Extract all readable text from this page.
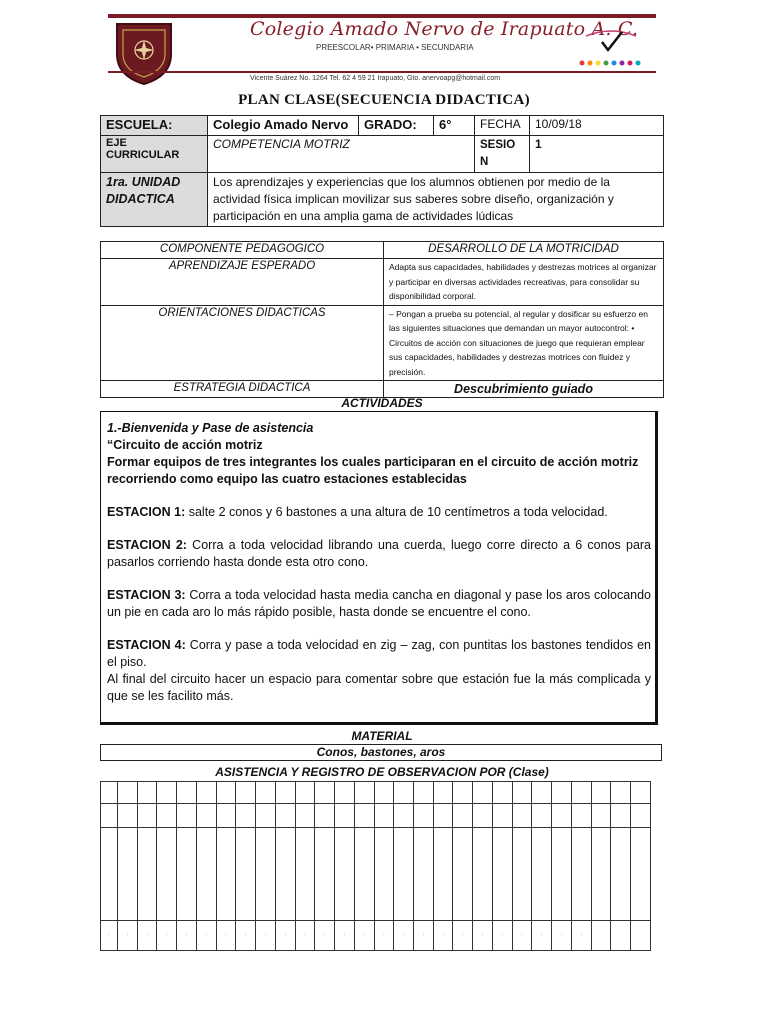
Colegio Amado Nervo de Irapuato A. C.
PREESCOLAR• PRIMARIA • SECUNDARIA
Vicente Suárez No. 1264 Tel. 62 4 59 21 Irapuato, Gto. anervoapg@hotmail.com
PLAN CLASE(SECUENCIA DIDACTICA)
ESCUELA:	Colegio Amado Nervo	GRADO:	6°	FECHA	10/09/18
EJE CURRICULAR	COMPETENCIA MOTRIZ			SESIO N	1
1ra. UNIDAD DIDACTICA	Los aprendizajes y experiencias que los alumnos obtienen por medio de la actividad física implican movilizar sus saberes sobre diseño, organización y participación en una amplia gama de actividades lúdicas				
COMPONENTE PEDAGOGICO	DESARROLLO DE LA MOTRICIDAD
APRENDIZAJE ESPERADO	Adapta sus capacidades, habilidades y destrezas motrices al organizar y participar en diversas actividades recreativas, para consolidar su disponibilidad corporal.
ORIENTACIONES DIDACTICAS	– Pongan a prueba su potencial, al regular y dosificar su esfuerzo en las siguientes situaciones que demandan un mayor autocontrol: • Circuitos de acción con situaciones de juego que requieran emplear sus capacidades, habilidades y destrezas motrices con fluidez y precisión.
ESTRATEGIA DIDACTICA	Descubrimiento guiado
ACTIVIDADES

1.-Bienvenida y Pase de asistencia

“Circuito de acción motriz

Formar equipos de tres integrantes los cuales participaran en el circuito de acción motriz recorriendo como equipo las cuatro estaciones establecidas

ESTACION 1: salte 2 conos y 6 bastones a una altura de 10 centímetros a toda velocidad.

ESTACION 2: Corra a toda velocidad librando una cuerda, luego corre directo a 6 conos para pasarlos corriendo hasta donde esta otro cono.

ESTACION 3: Corra a toda velocidad hasta media cancha en diagonal y pase los aros colocando un pie en cada aro lo más rápido posible, hasta donde se encuentre el cono.

ESTACION 4: Corra y pase a toda velocidad en zig – zag, con puntitas los bastones tendidos en el piso.

Al final del circuito hacer un espacio para comentar sobre que estación fue la más complicada y que se les facilito más.

MATERIAL
Conos, bastones, aros
ASISTENCIA Y REGISTRO DE OBSERVACION POR (Clase)

·	·	·	·	·	·	·	·	·	·	·	·	·	·	·	·	·	·	·	·	·	·	·	·	·			
